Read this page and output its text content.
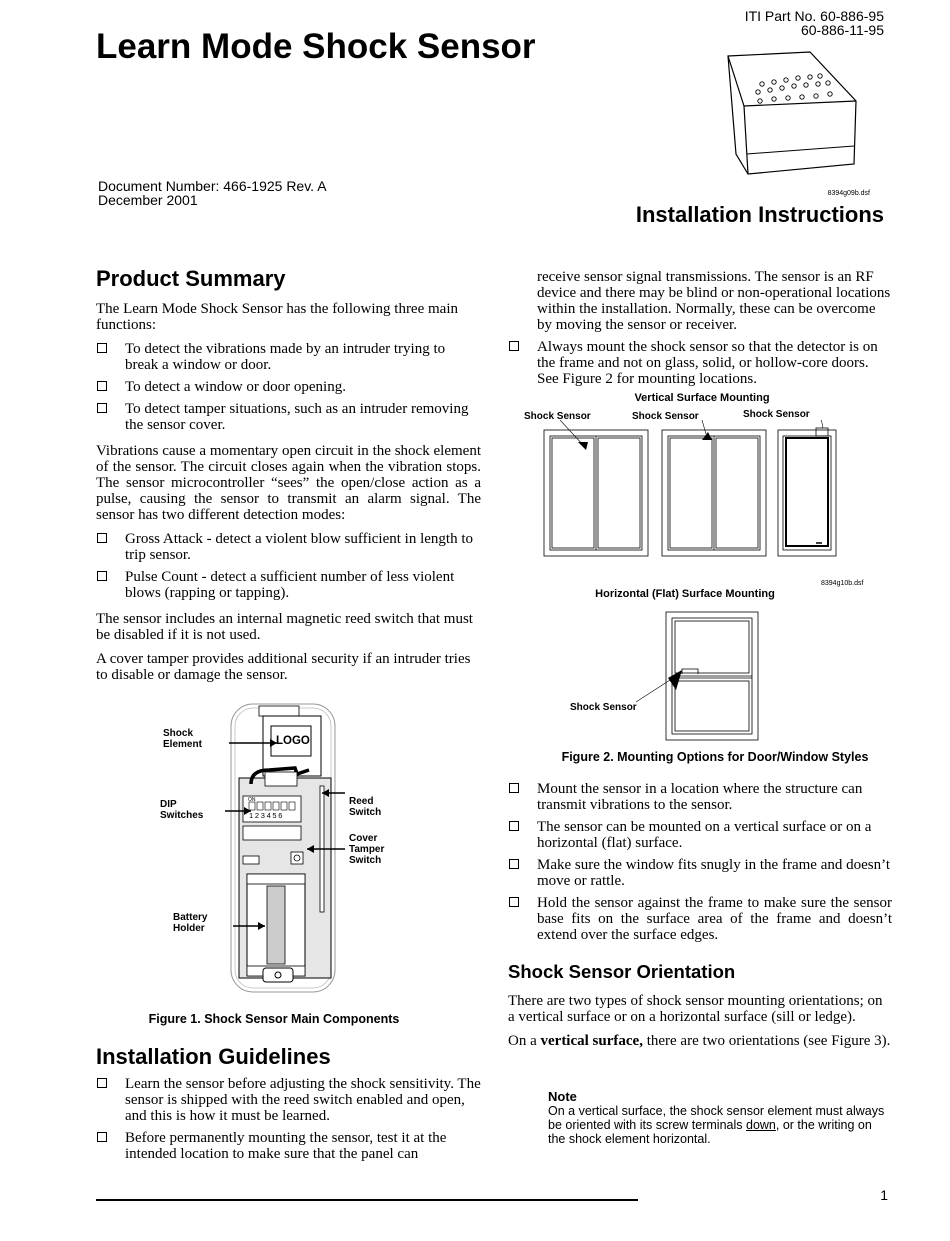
Learn Mode Shock Sensor
ITI Part No. 60-886-95
60-886-11-95
8394g09b.dsf
Document Number: 466-1925 Rev. A
December 2001
Installation Instructions
Product Summary

The Learn Mode Shock Sensor has the following three main functions:

To detect the vibrations made by an intruder trying to break a window or door.
To detect a window or door opening.
To detect tamper situations, such as an intruder removing the sensor cover.

Vibrations cause a momentary open circuit in the shock element of the sensor. The circuit closes again when the vibration stops. The sensor microcontroller “sees” the open/close action as a pulse, causing the sensor to transmit an alarm signal. The sensor has two different detection modes:

Gross Attack - detect a violent blow sufficient in length to trip sensor.
Pulse Count - detect a sufficient number of less violent blows (rapping or tapping).

The sensor includes an internal magnetic reed switch that must be disabled if it is not used.

A cover tamper provides additional security if an intruder tries to disable or damage the sensor.

LOGO
ON
1 2 3 4 5 6
Shock
Element
DIP
Switches
Reed
Switch
Cover
Tamper
Switch
Battery
Holder
Figure 1. Shock Sensor Main Components
Installation Guidelines
Learn the sensor before adjusting the shock sensitivity. The sensor is shipped with the reed switch enabled and open, and this is how it must be learned.
Before permanently mounting the sensor, test it at the intended location to make sure that the panel can

receive sensor signal transmissions. The sensor is an RF device and there may be blind or non-operational locations within the installation. Normally, these can be overcome by moving the sensor or receiver.

Always mount the shock sensor so that the detector is on the frame and not on glass, solid, or hollow-core doors. See Figure 2 for mounting locations.
Vertical Surface Mounting
Shock Sensor	Shock Sensor	Shock Sensor
8394g10b.dsf
Horizontal (Flat) Surface Mounting
Shock Sensor
Figure 2. Mounting Options for Door/Window Styles
Mount the sensor in a location where the structure can transmit vibrations to the sensor.
The sensor can be mounted on a vertical surface or on a horizontal (flat) surface.
Make sure the window fits snugly in the frame and doesn’t move or rattle.
Hold the sensor against the frame to make sure the sensor base fits on the surface area of the frame and doesn’t extend over the surface edges.
Shock Sensor Orientation

There are two types of shock sensor mounting orientations; on a vertical surface or on a horizontal surface (sill or ledge).

On a vertical surface, there are two orientations (see Figure 3).

Note
On a vertical surface, the shock sensor element must always be oriented with its screw terminals down, or the writing on the shock element horizontal.
1
